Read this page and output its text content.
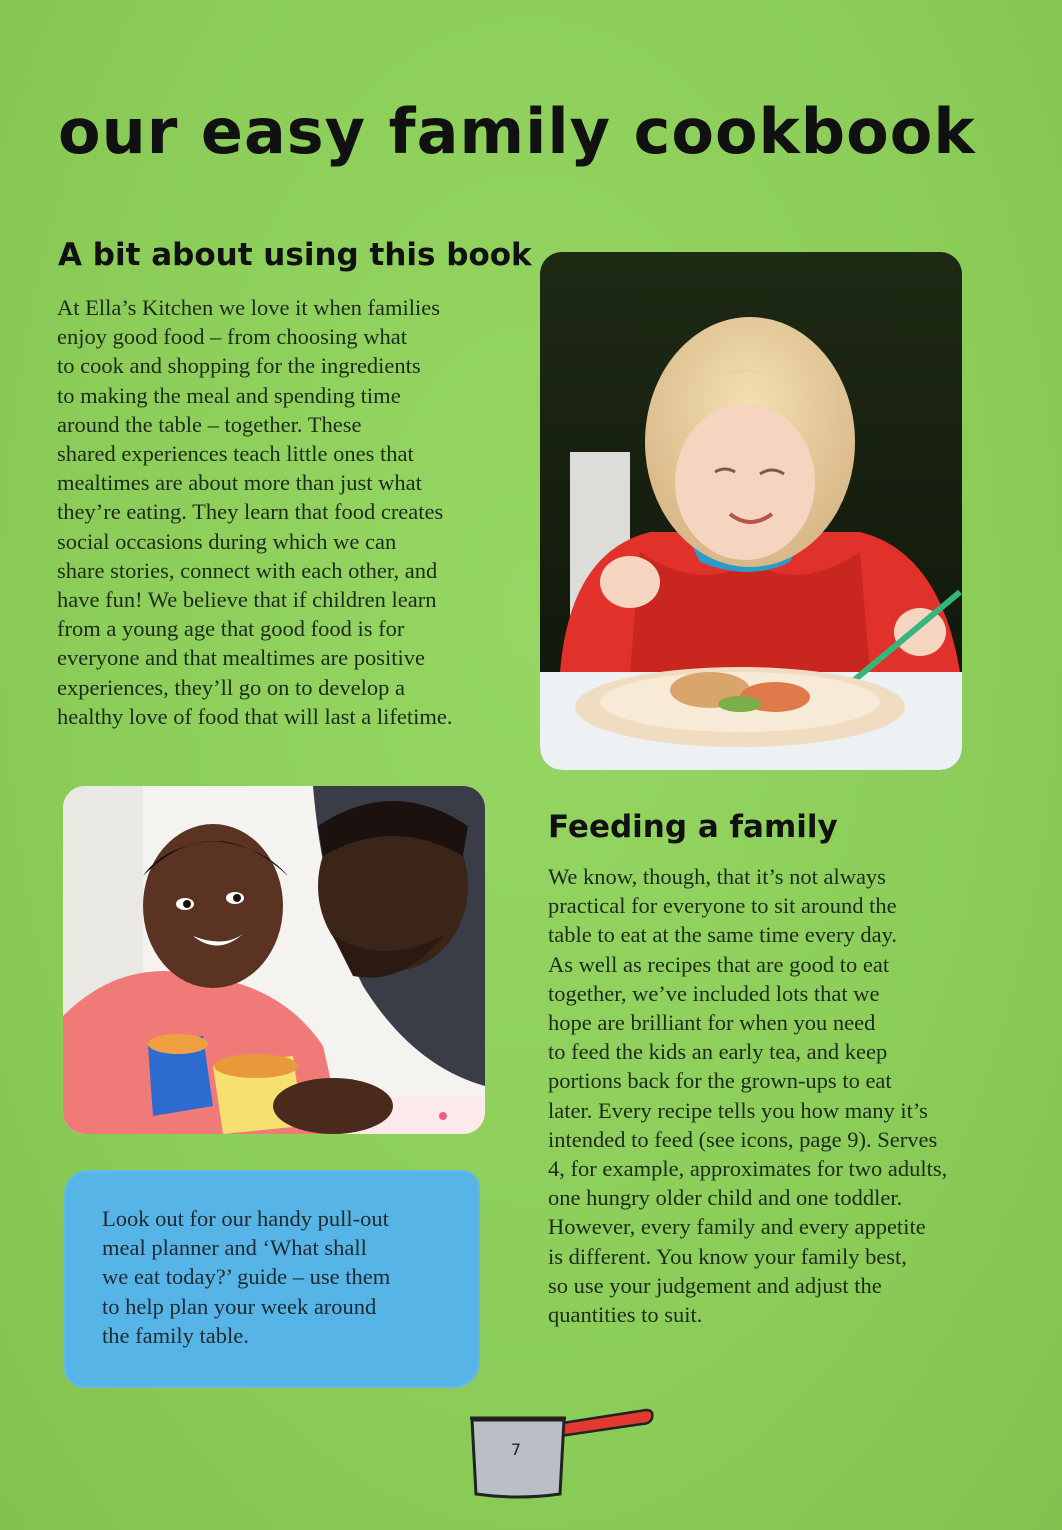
our easy family cookbook
A bit about using this book
At Ella’s Kitchen we love it when families
enjoy good food – from choosing what
to cook and shopping for the ingredients
to making the meal and spending time
around the table – together. These
shared experiences teach little ones that
mealtimes are about more than just what
they’re eating. They learn that food creates
social occasions during which we can
share stories, connect with each other, and
have fun! We believe that if children learn
from a young age that good food is for
everyone and that mealtimes are positive
experiences, they’ll go on to develop a
healthy love of food that will last a lifetime.
Feeding a family
We know, though, that it’s not always
practical for everyone to sit around the
table to eat at the same time every day.
As well as recipes that are good to eat
together, we’ve included lots that we
hope are brilliant for when you need
to feed the kids an early tea, and keep
portions back for the grown-ups to eat
later. Every recipe tells you how many it’s
intended to feed (see icons, page 9). Serves
4, for example, approximates for two adults,
one hungry older child and one toddler.
However, every family and every appetite
is different. You know your family best,
so use your judgement and adjust the
quantities to suit.
Look out for our handy pull-out
meal planner and ‘What shall
we eat today?’ guide – use them
to help plan your week around
the family table.
7
